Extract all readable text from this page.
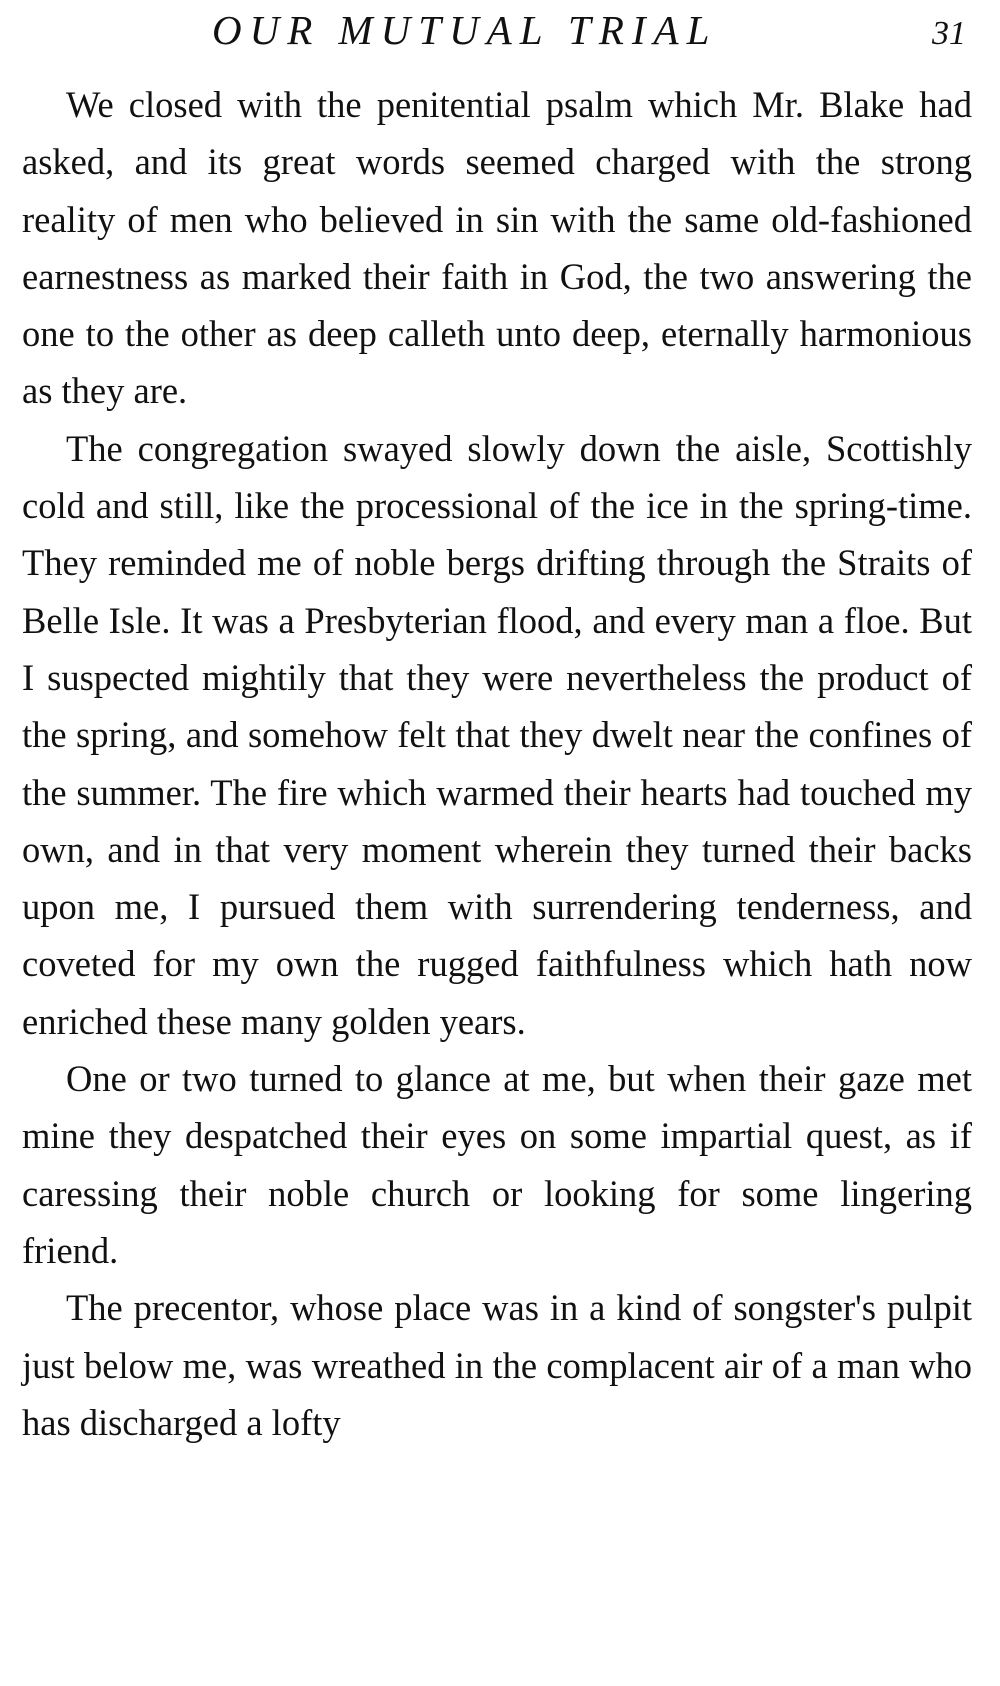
OUR MUTUAL TRIAL	31

We closed with the penitential psalm which Mr. Blake had asked, and its great words seemed charged with the strong reality of men who believed in sin with the same old-fashioned earnestness as marked their faith in God, the two answering the one to the other as deep calleth unto deep, eternally harmonious as they are.

The congregation swayed slowly down the aisle, Scottishly cold and still, like the processional of the ice in the spring-time. They reminded me of noble bergs drifting through the Straits of Belle Isle. It was a Presbyterian flood, and every man a floe. But I suspected mightily that they were nevertheless the product of the spring, and somehow felt that they dwelt near the confines of the summer. The fire which warmed their hearts had touched my own, and in that very moment wherein they turned their backs upon me, I pursued them with surrendering tenderness, and coveted for my own the rugged faithfulness which hath now enriched these many golden years.

One or two turned to glance at me, but when their gaze met mine they despatched their eyes on some impartial quest, as if caressing their noble church or looking for some lingering friend.

The precentor, whose place was in a kind of songster's pulpit just below me, was wreathed in the complacent air of a man who has discharged a lofty
